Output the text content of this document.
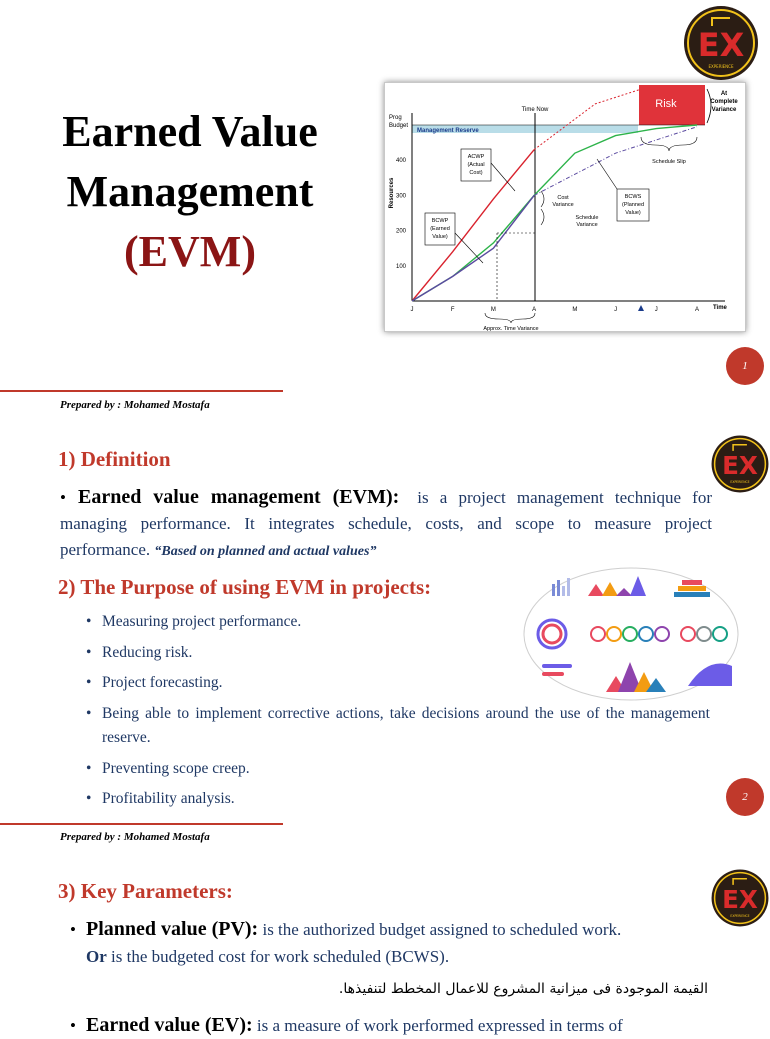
EX
EXPERIENCE
Earned Value
Management
(EVM)
Risk
At
Complete
Variance
Management Reserve
Prog
Budget
Resources
Time
400
300
200
100
J	F	M	A	M	J	J	A
Time Now
ACWP
(Actual
Cost)
BCWP
(Earned
Value)
BCWS
(Planned
Value)
Cost
Variance
Schedule
Variance
Schedule Slip
Approx. Time Variance
1
Prepared by : Mohamed Mostafa
EX
EXPERIENCE
1) Definition
• Earned value management (EVM): is a project management technique for managing performance. It integrates schedule, costs, and scope to measure project performance. “Based on planned and actual values”
2) The Purpose of using EVM in projects:
• Measuring project performance.
• Reducing risk.
• Project forecasting.
• Being able to implement corrective actions, take decisions around the use of the management reserve.
• Preventing scope creep.
• Profitability analysis.	2
Prepared by : Mohamed Mostafa
EX
EXPERIENCE
3) Key Parameters:
• Planned value (PV): is the authorized budget assigned to scheduled work.
Or is the budgeted cost for work scheduled (BCWS).
القيمة الموجودة فى ميزانية المشروع للاعمال المخطط لتنفيذها.
• Earned value (EV): is a measure of work performed expressed in terms of
